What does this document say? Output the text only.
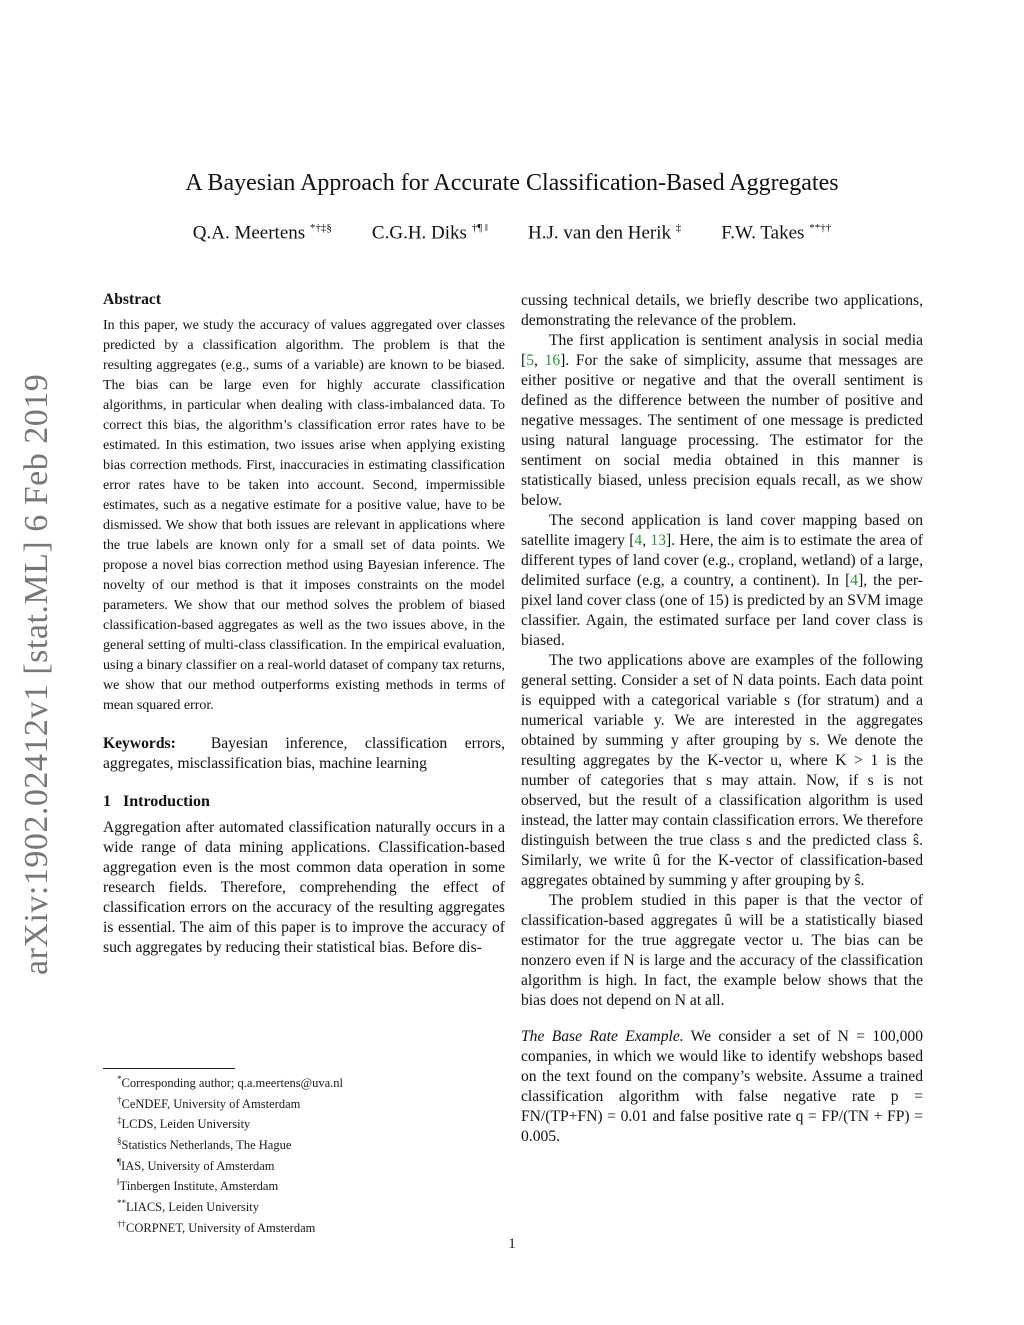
arXiv:1902.02412v1 [stat.ML] 6 Feb 2019
A Bayesian Approach for Accurate Classification-Based Aggregates
Q.A. Meertens *†‡§ C.G.H. Diks †¶ ‖ H.J. van den Herik ‡ F.W. Takes **††
Abstract

In this paper, we study the accuracy of values aggregated over classes predicted by a classification algorithm. The problem is that the resulting aggregates (e.g., sums of a variable) are known to be biased. The bias can be large even for highly accurate classification algorithms, in particular when dealing with class-imbalanced data. To correct this bias, the algorithm’s classification error rates have to be estimated. In this estimation, two issues arise when applying existing bias correction methods. First, inaccuracies in estimating classification error rates have to be taken into account. Second, impermissible estimates, such as a negative estimate for a positive value, have to be dismissed. We show that both issues are relevant in applications where the true labels are known only for a small set of data points. We propose a novel bias correction method using Bayesian inference. The novelty of our method is that it imposes constraints on the model parameters. We show that our method solves the problem of biased classification-based aggregates as well as the two issues above, in the general setting of multi-class classification. In the empirical evaluation, using a binary classifier on a real-world dataset of company tax returns, we show that our method outperforms existing methods in terms of mean squared error.

Keywords: Bayesian inference, classification errors, aggregates, misclassification bias, machine learning

1 Introduction

Aggregation after automated classification naturally occurs in a wide range of data mining applications. Classification-based aggregation even is the most common data operation in some research fields. Therefore, comprehending the effect of classification errors on the accuracy of the resulting aggregates is essential. The aim of this paper is to improve the accuracy of such aggregates by reducing their statistical bias. Before dis-

cussing technical details, we briefly describe two applications, demonstrating the relevance of the problem.

The first application is sentiment analysis in social media [5, 16]. For the sake of simplicity, assume that messages are either positive or negative and that the overall sentiment is defined as the difference between the number of positive and negative messages. The sentiment of one message is predicted using natural language processing. The estimator for the sentiment on social media obtained in this manner is statistically biased, unless precision equals recall, as we show below.

The second application is land cover mapping based on satellite imagery [4, 13]. Here, the aim is to estimate the area of different types of land cover (e.g., cropland, wetland) of a large, delimited surface (e.g, a country, a continent). In [4], the per-pixel land cover class (one of 15) is predicted by an SVM image classifier. Again, the estimated surface per land cover class is biased.

The two applications above are examples of the following general setting. Consider a set of N data points. Each data point is equipped with a categorical variable s (for stratum) and a numerical variable y. We are interested in the aggregates obtained by summing y after grouping by s. We denote the resulting aggregates by the K-vector u, where K > 1 is the number of categories that s may attain. Now, if s is not observed, but the result of a classification algorithm is used instead, the latter may contain classification errors. We therefore distinguish between the true class s and the predicted class ŝ. Similarly, we write û for the K-vector of classification-based aggregates obtained by summing y after grouping by ŝ.

The problem studied in this paper is that the vector of classification-based aggregates û will be a statistically biased estimator for the true aggregate vector u. The bias can be nonzero even if N is large and the accuracy of the classification algorithm is high. In fact, the example below shows that the bias does not depend on N at all.

The Base Rate Example. We consider a set of N = 100,000 companies, in which we would like to identify webshops based on the text found on the company’s website. Assume a trained classification algorithm with false negative rate p = FN/(TP+FN) = 0.01 and false positive rate q = FP/(TN + FP) = 0.005.

*Corresponding author; q.a.meertens@uva.nl
†CeNDEF, University of Amsterdam
‡LCDS, Leiden University
§Statistics Netherlands, The Hague
¶IAS, University of Amsterdam
‖Tinbergen Institute, Amsterdam
**LIACS, Leiden University
††CORPNET, University of Amsterdam
1
